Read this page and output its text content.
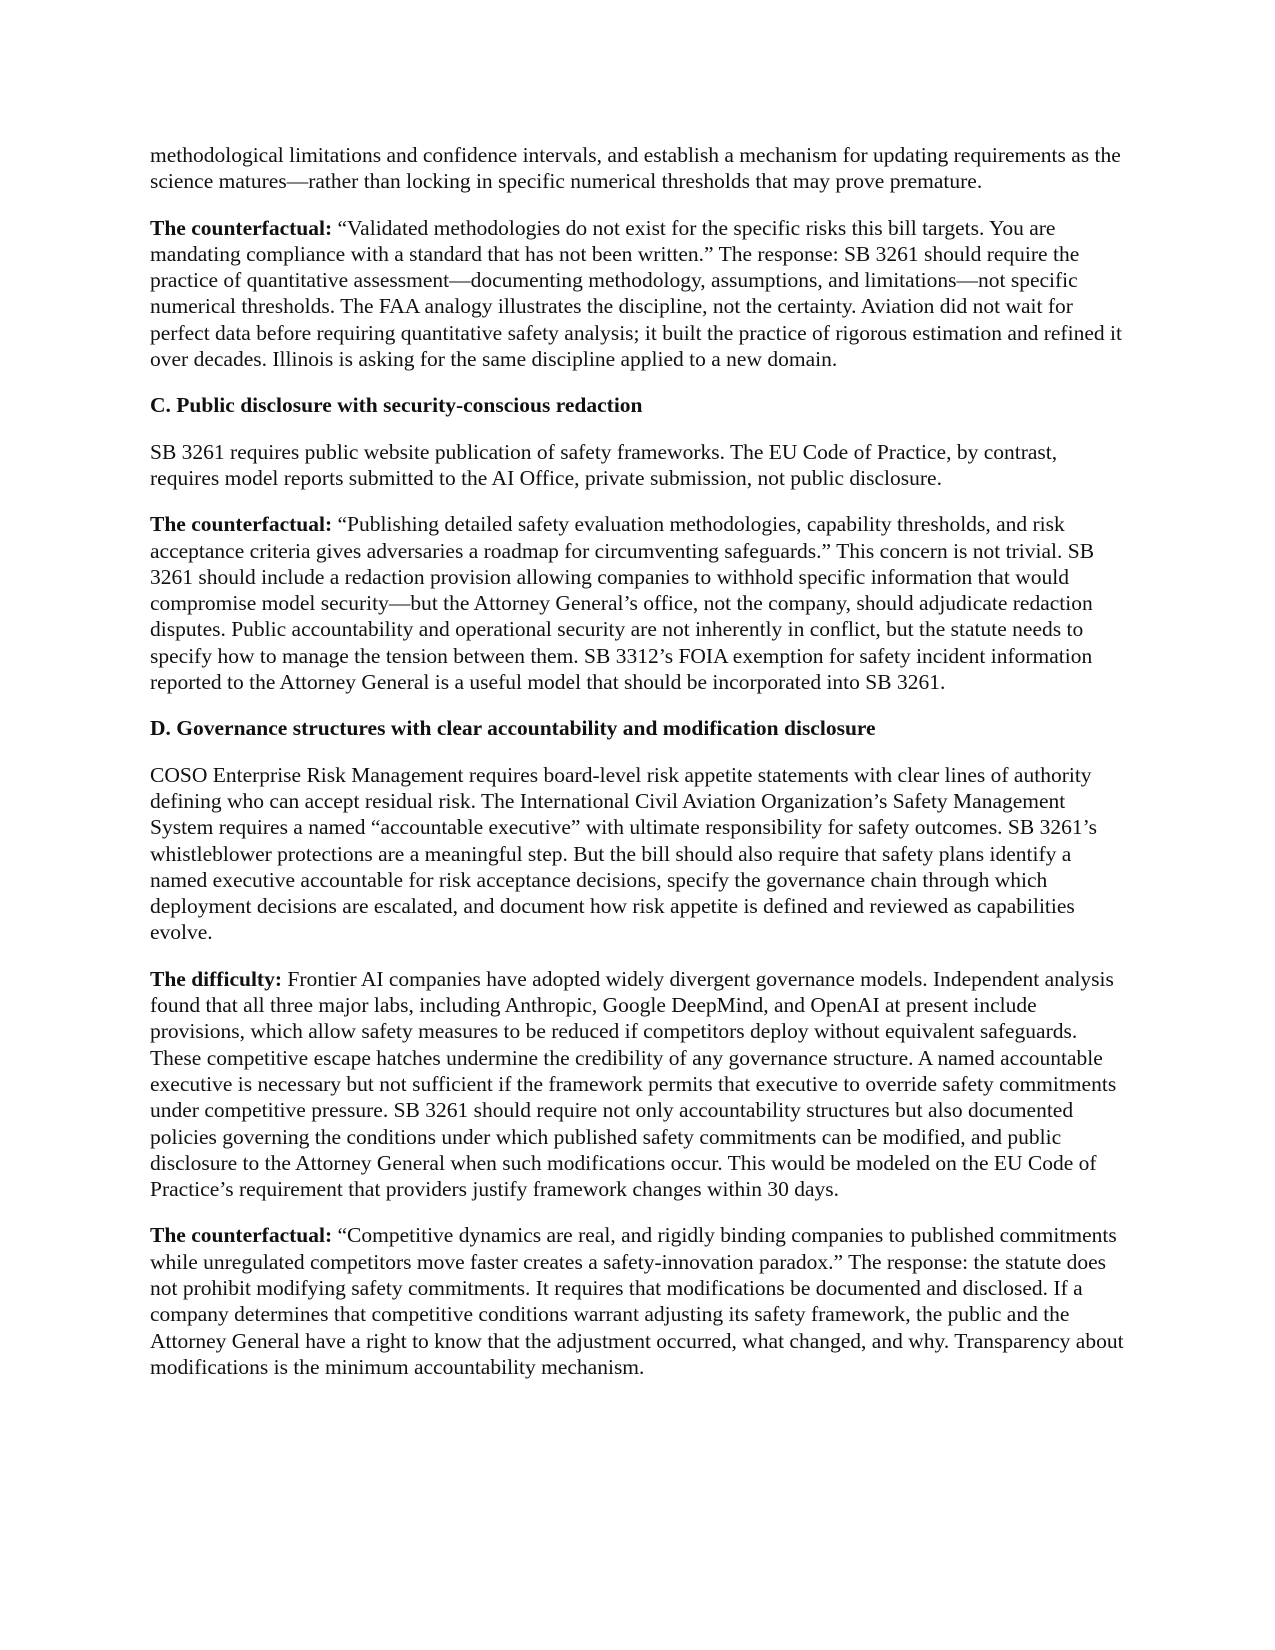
methodological limitations and confidence intervals, and establish a mechanism for updating requirements as the science matures—rather than locking in specific numerical thresholds that may prove premature.

The counterfactual: “Validated methodologies do not exist for the specific risks this bill targets. You are mandating compliance with a standard that has not been written.” The response: SB 3261 should require the practice of quantitative assessment—documenting methodology, assumptions, and limitations—not specific numerical thresholds. The FAA analogy illustrates the discipline, not the certainty. Aviation did not wait for perfect data before requiring quantitative safety analysis; it built the practice of rigorous estimation and refined it over decades. Illinois is asking for the same discipline applied to a new domain.

C. Public disclosure with security-conscious redaction

SB 3261 requires public website publication of safety frameworks. The EU Code of Practice, by contrast, requires model reports submitted to the AI Office, private submission, not public disclosure.

The counterfactual: “Publishing detailed safety evaluation methodologies, capability thresholds, and risk acceptance criteria gives adversaries a roadmap for circumventing safeguards.” This concern is not trivial. SB 3261 should include a redaction provision allowing companies to withhold specific information that would compromise model security—but the Attorney General’s office, not the company, should adjudicate redaction disputes. Public accountability and operational security are not inherently in conflict, but the statute needs to specify how to manage the tension between them. SB 3312’s FOIA exemption for safety incident information reported to the Attorney General is a useful model that should be incorporated into SB 3261.

D. Governance structures with clear accountability and modification disclosure

COSO Enterprise Risk Management requires board-level risk appetite statements with clear lines of authority defining who can accept residual risk. The International Civil Aviation Organization’s Safety Management System requires a named “accountable executive” with ultimate responsibility for safety outcomes. SB 3261’s whistleblower protections are a meaningful step. But the bill should also require that safety plans identify a named executive accountable for risk acceptance decisions, specify the governance chain through which deployment decisions are escalated, and document how risk appetite is defined and reviewed as capabilities evolve.

The difficulty: Frontier AI companies have adopted widely divergent governance models. Independent analysis found that all three major labs, including Anthropic, Google DeepMind, and OpenAI at present include provisions, which allow safety measures to be reduced if competitors deploy without equivalent safeguards. These competitive escape hatches undermine the credibility of any governance structure. A named accountable executive is necessary but not sufficient if the framework permits that executive to override safety commitments under competitive pressure. SB 3261 should require not only accountability structures but also documented policies governing the conditions under which published safety commitments can be modified, and public disclosure to the Attorney General when such modifications occur. This would be modeled on the EU Code of Practice’s requirement that providers justify framework changes within 30 days.

The counterfactual: “Competitive dynamics are real, and rigidly binding companies to published commitments while unregulated competitors move faster creates a safety-innovation paradox.” The response: the statute does not prohibit modifying safety commitments. It requires that modifications be documented and disclosed. If a company determines that competitive conditions warrant adjusting its safety framework, the public and the Attorney General have a right to know that the adjustment occurred, what changed, and why. Transparency about modifications is the minimum accountability mechanism.
